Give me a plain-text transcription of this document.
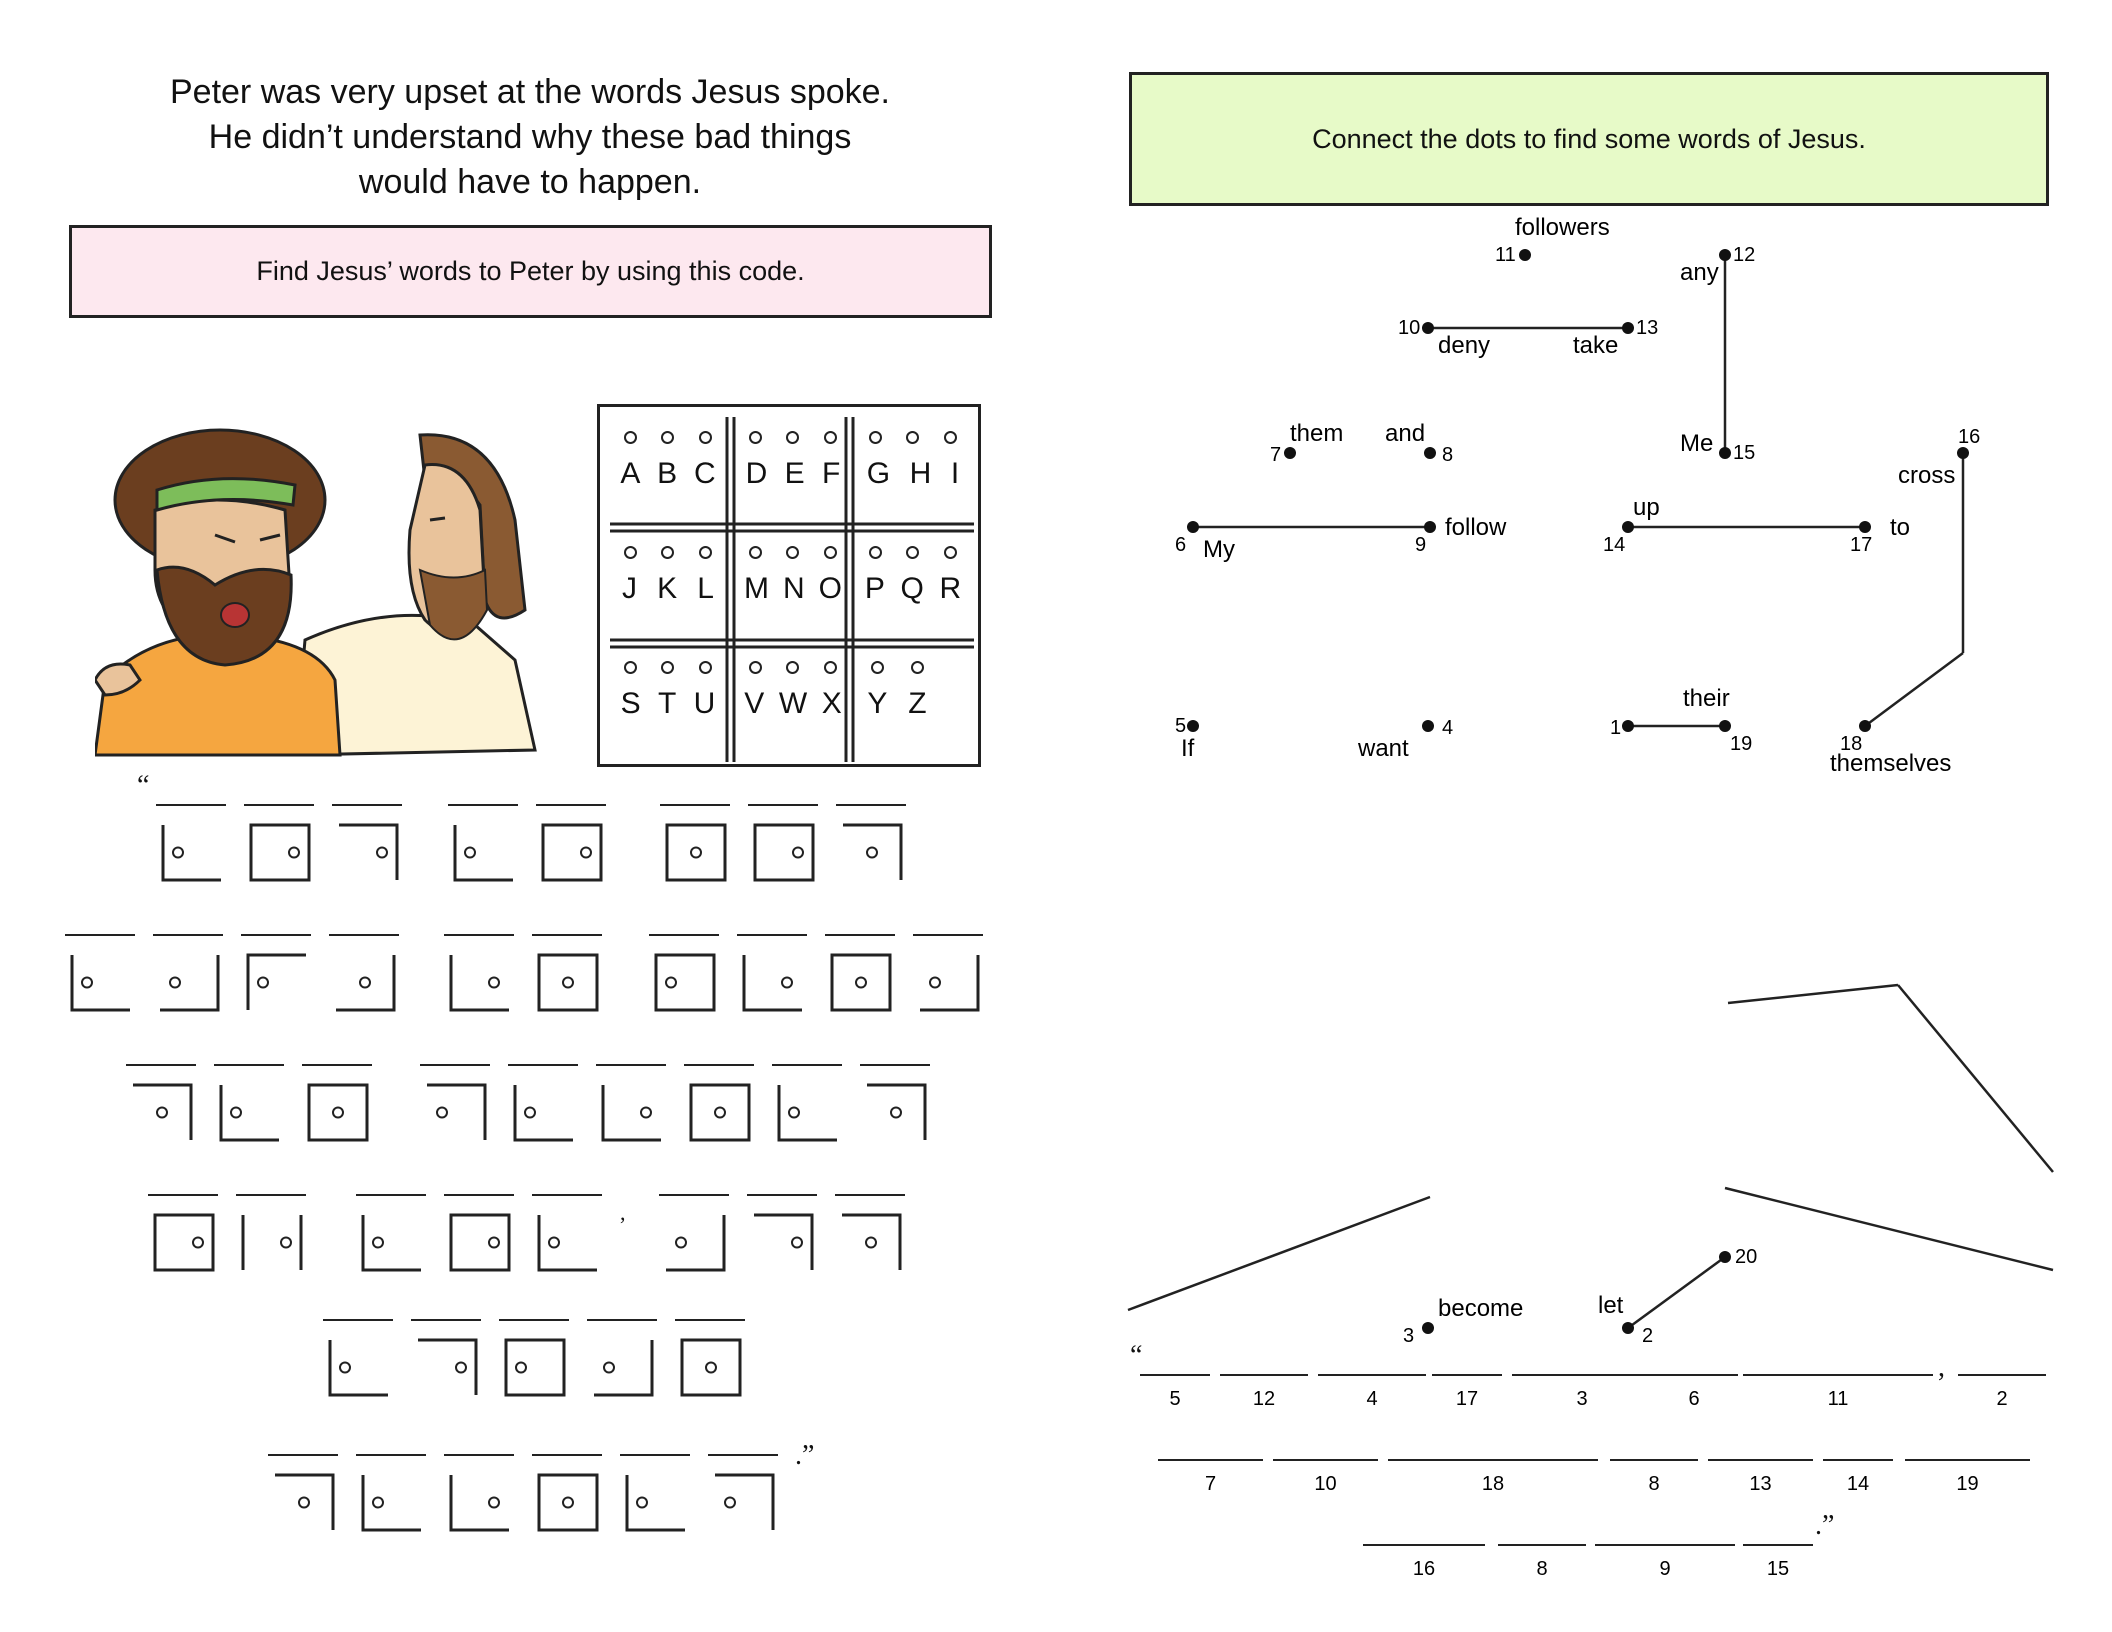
Peter was very upset at the words Jesus spoke.
He didn’t understand why these bad things
would have to happen.
Find Jesus’ words to Peter by using this code.
A B C D E F G H I
J K L M N O P Q R
S T U V W X Y Z
“
,
.”
1
their
2
let
3
become
4
want
5
If
6 My
7
them
8
and
9
follow
10
deny
11
followers
12
any
13
take
14
up
15
Me	16
cross
17
to
18
themselves
19
20
5	12	4	17	3	6	11	2
7	10	18	8	13	14	19
16	8	9	15
Connect the dots to find some words of Jesus.
“	,
.”
